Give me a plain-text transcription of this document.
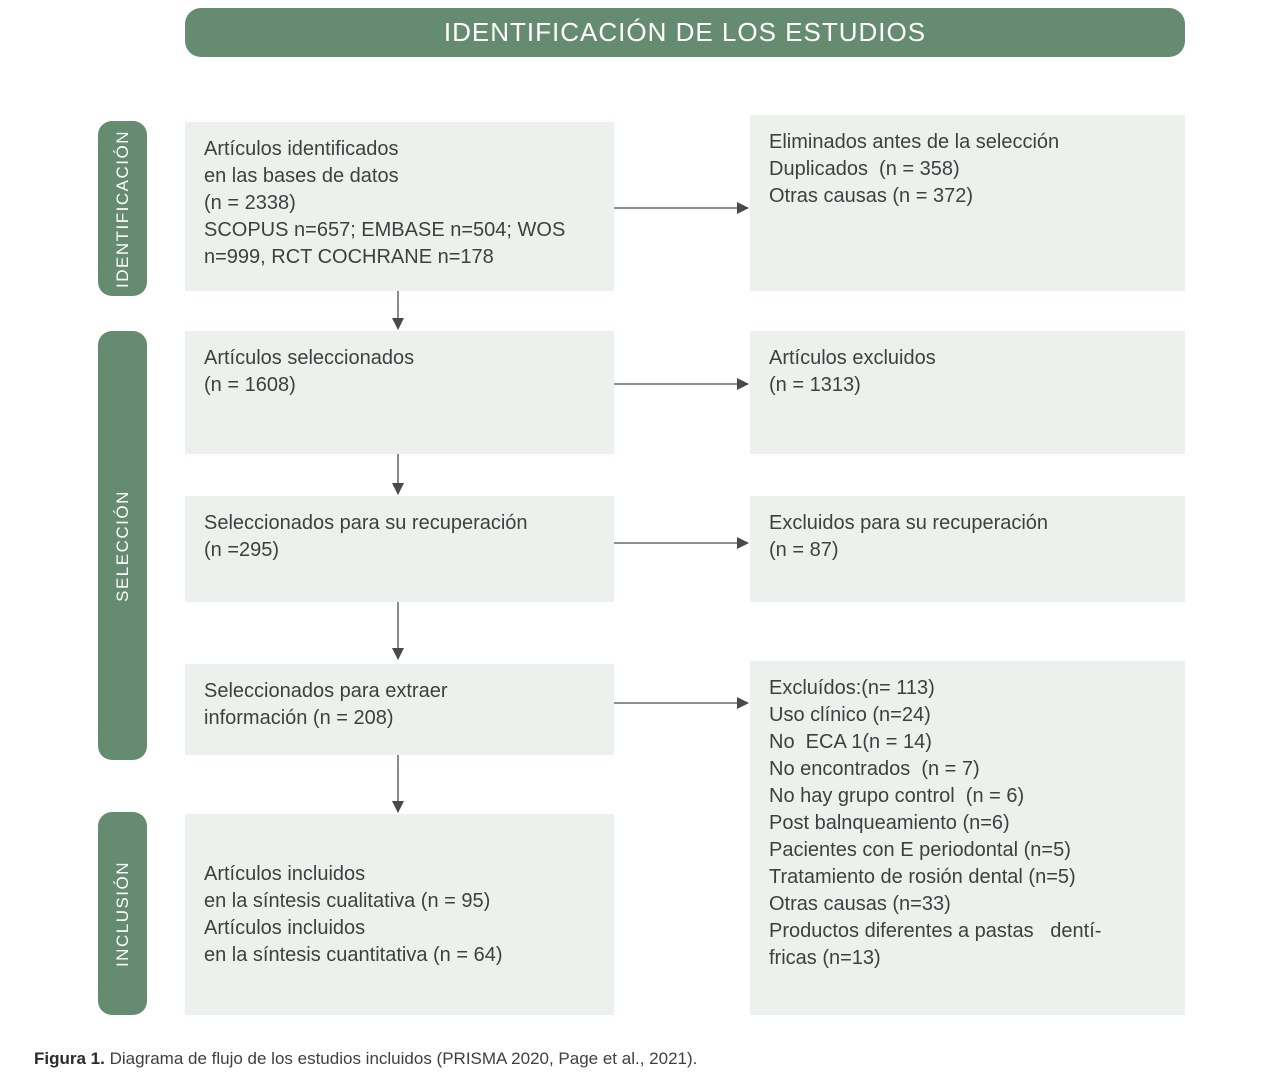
IDENTIFICACIÓN DE LOS ESTUDIOS
IDENTIFICACIÓN
SELECCIÓN
INCLUSIÓN
Artículos identificados
en las bases de datos
(n = 2338)
SCOPUS n=657; EMBASE n=504; WOS
n=999, RCT COCHRANE n=178
Artículos seleccionados
(n = 1608)
Seleccionados para su recuperación
(n =295)
Seleccionados para extraer
información (n = 208)
Artículos incluidos
en la síntesis cualitativa (n = 95)
Artículos incluidos
en la síntesis cuantitativa (n = 64)
Eliminados antes de la selección
Duplicados  (n = 358)
Otras causas (n = 372)
Artículos excluidos
(n = 1313)
Excluidos para su recuperación
(n = 87)
Excluídos:(n= 113)
Uso clínico (n=24)
No  ECA 1(n = 14)
No encontrados  (n = 7)
No hay grupo control  (n = 6)
Post balnqueamiento (n=6)
Pacientes con E periodontal (n=5)
Tratamiento de rosión dental (n=5)
Otras causas (n=33)
Productos diferentes a pastas   dentí-
fricas (n=13)
Figura 1. Diagrama de flujo de los estudios incluidos (PRISMA 2020, Page et al., 2021).
